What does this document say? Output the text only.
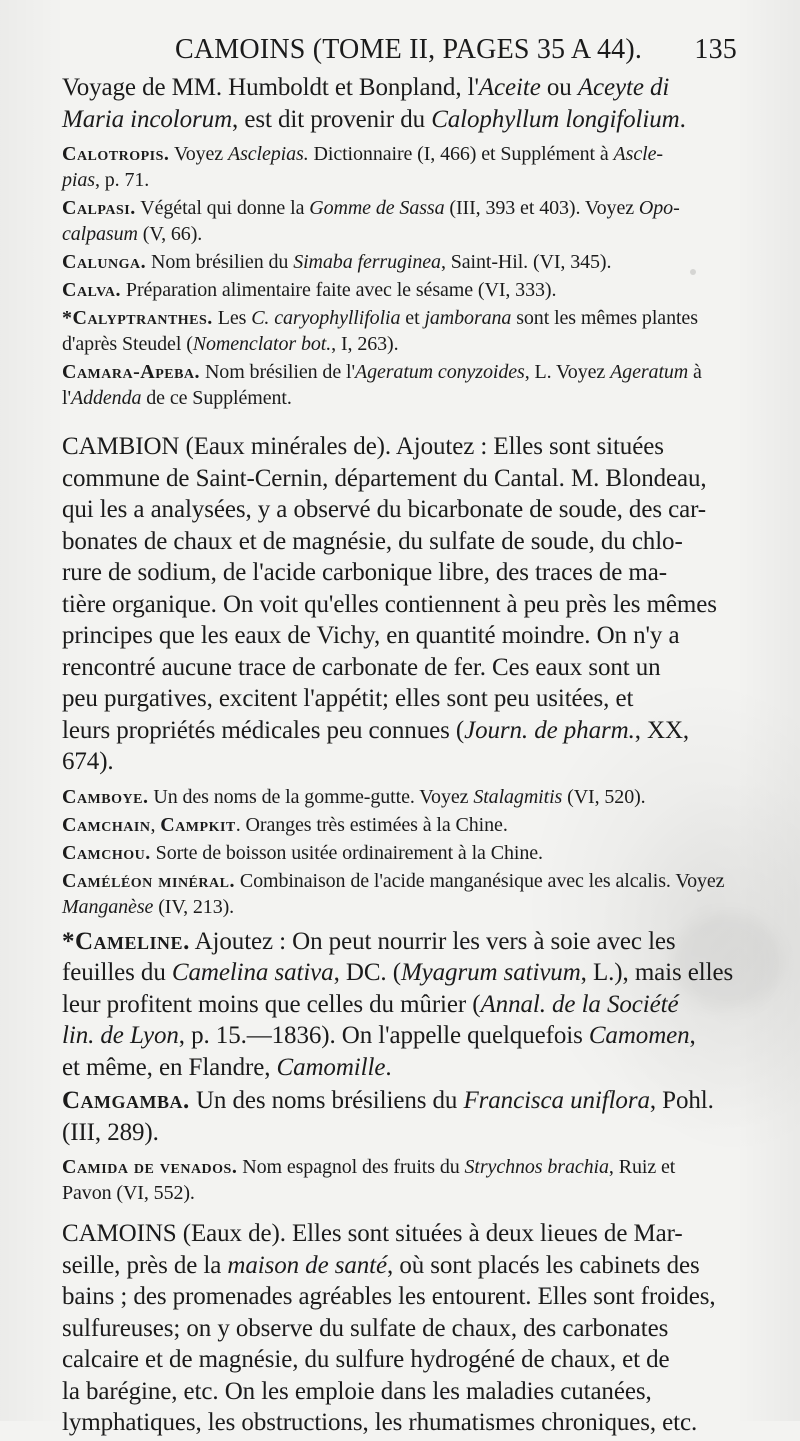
CAMOINS (TOME II, PAGES 35 A 44). 135
Voyage de MM. Humboldt et Bonpland, l'Aceite ou Aceyte di
Maria incolorum, est dit provenir du Calophyllum longifolium.
Calotropis. Voyez Asclepias. Dictionnaire (I, 466) et Supplément à Ascle-
pias, p. 71.
Calpasi. Végétal qui donne la Gomme de Sassa (III, 393 et 403). Voyez Opo-
calpasum (V, 66).
Calunga. Nom brésilien du Simaba ferruginea, Saint-Hil. (VI, 345).
Calva. Préparation alimentaire faite avec le sésame (VI, 333).
*Calyptranthes. Les C. caryophyllifolia et jamborana sont les mêmes plantes
d'après Steudel (Nomenclator bot., I, 263).
Camara-Apeba. Nom brésilien de l'Ageratum conyzoides, L. Voyez Ageratum à
l'Addenda de ce Supplément.
CAMBION (Eaux minérales de). Ajoutez : Elles sont situées
commune de Saint-Cernin, département du Cantal. M. Blondeau,
qui les a analysées, y a observé du bicarbonate de soude, des car-
bonates de chaux et de magnésie, du sulfate de soude, du chlo-
rure de sodium, de l'acide carbonique libre, des traces de ma-
tière organique. On voit qu'elles contiennent à peu près les mêmes
principes que les eaux de Vichy, en quantité moindre. On n'y a
rencontré aucune trace de carbonate de fer. Ces eaux sont un
peu purgatives, excitent l'appétit; elles sont peu usitées, et
leurs propriétés médicales peu connues (Journ. de pharm., XX,
674).
Camboye. Un des noms de la gomme-gutte. Voyez Stalagmitis (VI, 520).
Camchain, Campkit. Oranges très estimées à la Chine.
Camchou. Sorte de boisson usitée ordinairement à la Chine.
Caméléon minéral. Combinaison de l'acide manganésique avec les alcalis. Voyez
Manganèse (IV, 213).
*Cameline. Ajoutez : On peut nourrir les vers à soie avec les
feuilles du Camelina sativa, DC. (Myagrum sativum, L.), mais elles
leur profitent moins que celles du mûrier (Annal. de la Société
lin. de Lyon, p. 15.—1836). On l'appelle quelquefois Camomen,
et même, en Flandre, Camomille.
Camgamba. Un des noms brésiliens du Francisca uniflora, Pohl.
(III, 289).
Camida de venados. Nom espagnol des fruits du Strychnos brachia, Ruiz et
Pavon (VI, 552).
CAMOINS (Eaux de). Elles sont situées à deux lieues de Mar-
seille, près de la maison de santé, où sont placés les cabinets des
bains ; des promenades agréables les entourent. Elles sont froides,
sulfureuses; on y observe du sulfate de chaux, des carbonates
calcaire et de magnésie, du sulfure hydrogéné de chaux, et de
la barégine, etc. On les emploie dans les maladies cutanées,
lymphatiques, les obstructions, les rhumatismes chroniques, etc.
